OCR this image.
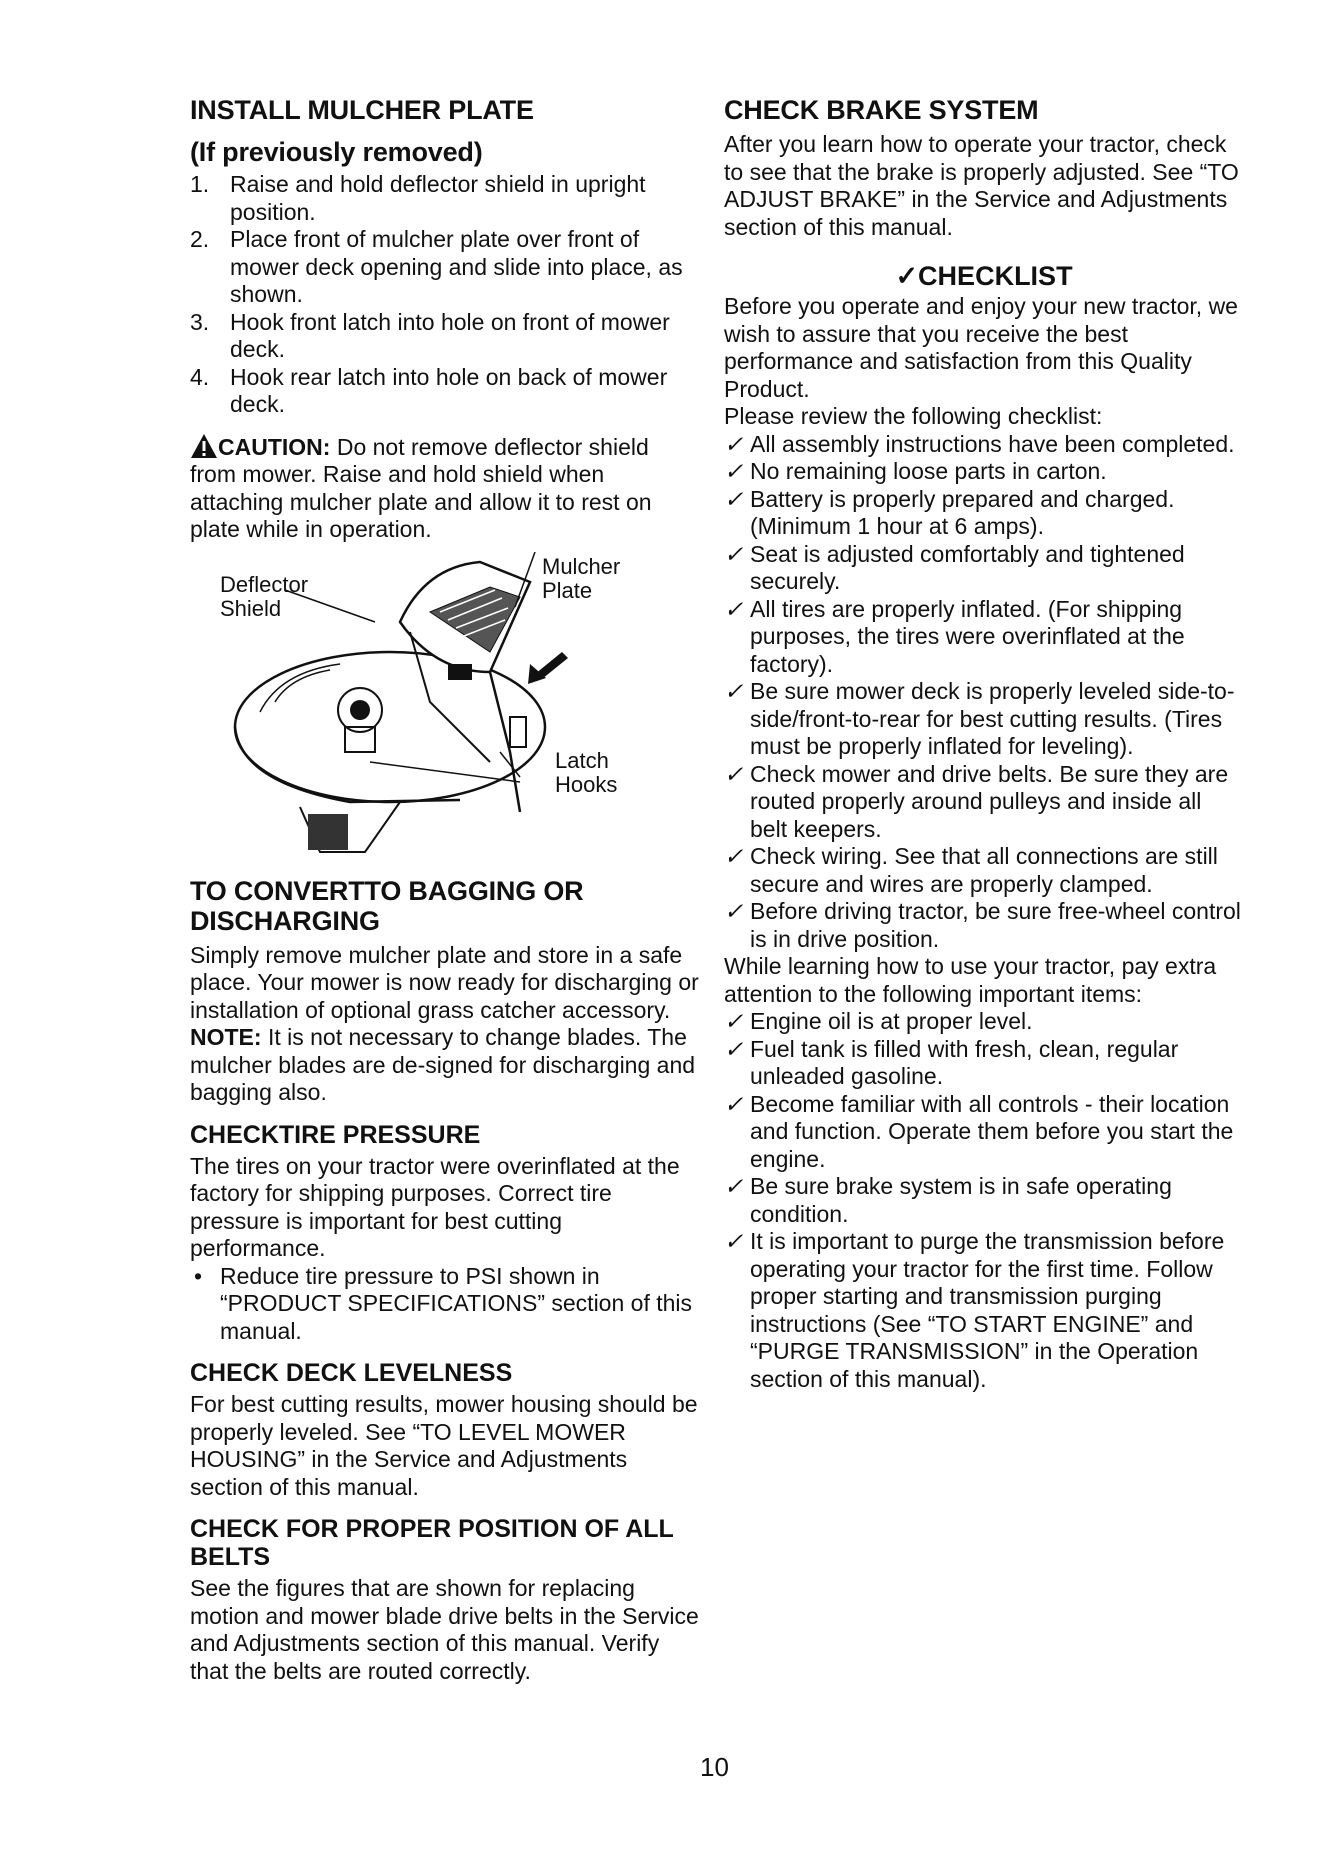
INSTALL MULCHER PLATE
(If previously removed)
1. Raise and hold deflector shield in upright position.
2. Place front of mulcher plate over front of mower deck opening and slide into place, as shown.
3. Hook front latch into hole on front of mower deck.
4. Hook rear latch into hole on back of mower deck.
CAUTION: Do not remove deflector shield from mower. Raise and hold shield when attaching mulcher plate and allow it to rest on plate while in operation.
Deflector
Shield
Mulcher
Plate
Latch
Hooks
TO CONVERTTO BAGGING OR DISCHARGING

Simply remove mulcher plate and store in a safe place. Your mower is now ready for discharging or installation of optional grass catcher accessory.

NOTE: It is not necessary to change blades. The mulcher blades are de-signed for discharging and bagging also.

CHECKTIRE PRESSURE

The tires on your tractor were overinflated at the factory for shipping purposes. Correct tire pressure is important for best cutting performance.

• Reduce tire pressure to PSI shown in “PRODUCT SPECIFICATIONS” section of this manual.

CHECK DECK LEVELNESS

For best cutting results, mower housing should be properly leveled. See “TO LEVEL MOWER HOUSING” in the Service and Adjustments section of this manual.

CHECK FOR PROPER POSITION OF ALL BELTS

See the figures that are shown for replacing motion and mower blade drive belts in the Service and Adjustments section of this manual. Verify that the belts are routed correctly.

CHECK BRAKE SYSTEM

After you learn how to operate your tractor, check to see that the brake is properly adjusted. See “TO ADJUST BRAKE” in the Service and Adjustments section of this manual.

✓CHECKLIST

Before you operate and enjoy your new tractor, we wish to assure that you receive the best performance and satisfaction from this Quality Product.

Please review the following checklist:

✓ All assembly instructions have been completed.
✓ No remaining loose parts in carton.
✓ Battery is properly prepared and charged. (Minimum 1 hour at 6 amps).
✓ Seat is adjusted comfortably and tightened securely.
✓ All tires are properly inflated. (For shipping purposes, the tires were overinflated at the factory).
✓ Be sure mower deck is properly leveled side-to-side/front-to-rear for best cutting results. (Tires must be properly inflated for leveling).
✓ Check mower and drive belts. Be sure they are routed properly around pulleys and inside all belt keepers.
✓ Check wiring. See that all connections are still secure and wires are properly clamped.
✓ Before driving tractor, be sure free-wheel control is in drive position.

While learning how to use your tractor, pay extra attention to the following important items:

✓ Engine oil is at proper level.
✓ Fuel tank is filled with fresh, clean, regular unleaded gasoline.
✓ Become familiar with all controls - their location and function. Operate them before you start the engine.
✓ Be sure brake system is in safe operating condition.
✓ It is important to purge the transmission before operating your tractor for the first time. Follow proper starting and transmission purging instructions (See “TO START ENGINE” and “PURGE TRANSMISSION” in the Operation section of this manual).
10
